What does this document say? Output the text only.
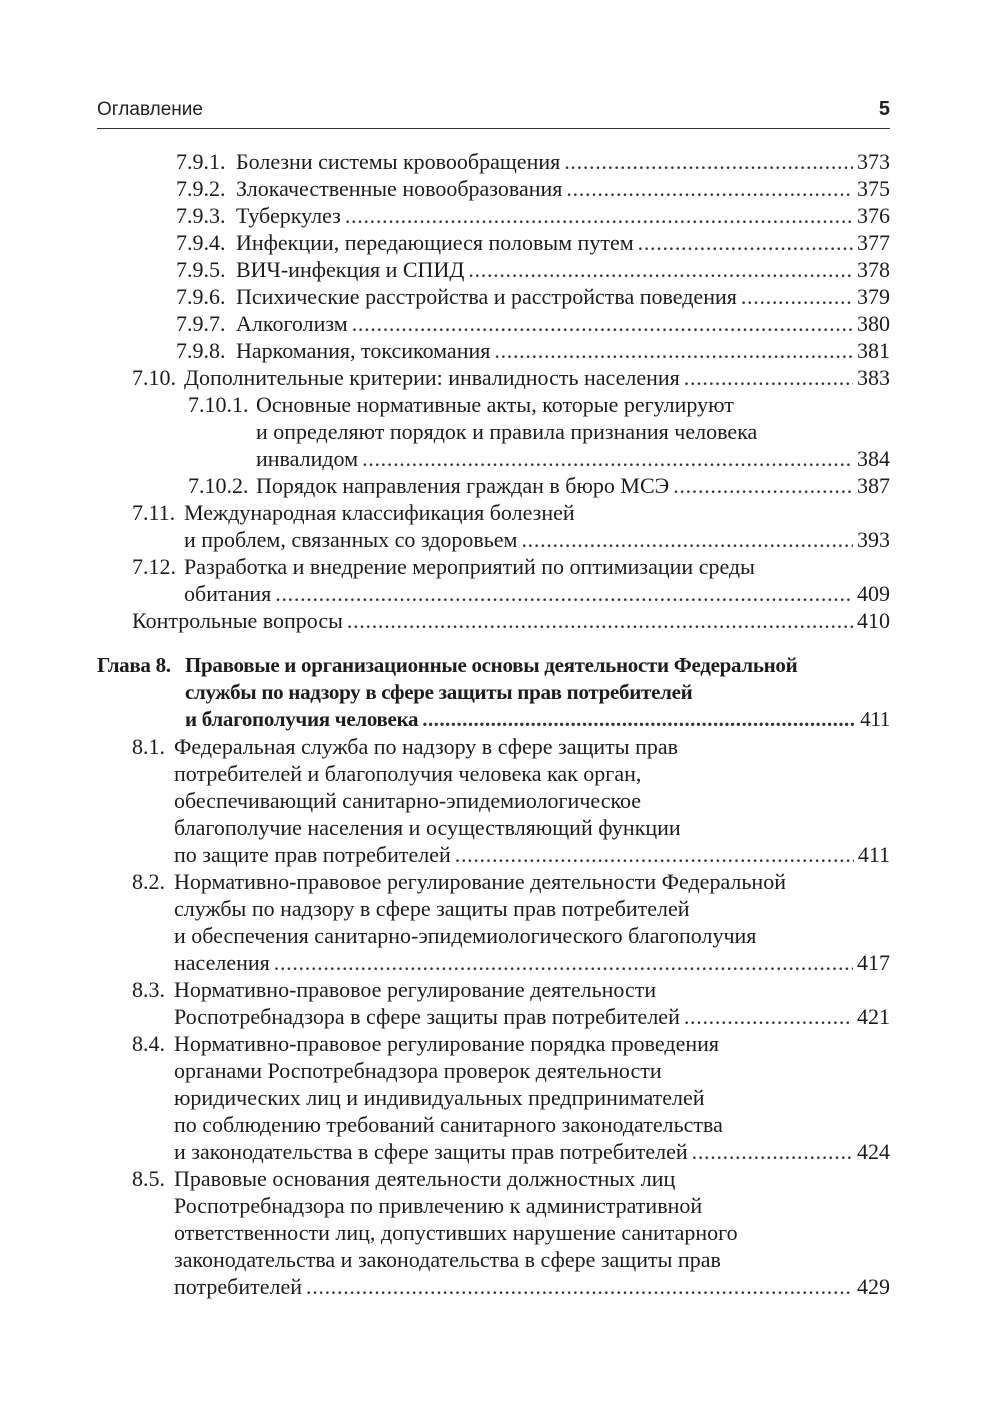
Оглавление	5
7.9.1. Болезни системы кровообращения . . .	373
7.9.2. Злокачественные новообразования . . .	375
7.9.3. Туберкулез . . .	376
7.9.4. Инфекции, передающиеся половым путем . . .	377
7.9.5. ВИЧ-инфекция и СПИД . . .	378
7.9.6. Психические расстройства и расстройства поведения . . .	379
7.9.7. Алкоголизм . . .	380
7.9.8. Наркомания, токсикомания . . .	381
7.10. Дополнительные критерии: инвалидность населения . . .	383
7.10.1. Основные нормативные акты, которые регулируют
и определяют порядок и правила признания человека
инвалидом . . .	384
7.10.2. Порядок направления граждан в бюро МСЭ . . .	387
7.11. Международная классификация болезней
и проблем, связанных со здоровьем . . .	393
7.12. Разработка и внедрение мероприятий по оптимизации среды
обитания . . .	409
Контрольные вопросы . . .	410
Глава 8. Правовые и организационные основы деятельности Федеральной
службы по надзору в сфере защиты прав потребителей
и благополучия человека . . .	411
8.1. Федеральная служба по надзору в сфере защиты прав
потребителей и благополучия человека как орган,
обеспечивающий санитарно-эпидемиологическое
благополучие населения и осуществляющий функции
по защите прав потребителей . . .	411
8.2. Нормативно-правовое регулирование деятельности Федеральной
службы по надзору в сфере защиты прав потребителей
и обеспечения санитарно-эпидемиологического благополучия
населения . . .	417
8.3. Нормативно-правовое регулирование деятельности
Роспотребнадзора в сфере защиты прав потребителей . . .	421
8.4. Нормативно-правовое регулирование порядка проведения
органами Роспотребнадзора проверок деятельности
юридических лиц и индивидуальных предпринимателей
по соблюдению требований санитарного законодательства
и законодательства в сфере защиты прав потребителей . . .	424
8.5. Правовые основания деятельности должностных лиц
Роспотребнадзора по привлечению к административной
ответственности лиц, допустивших нарушение санитарного
законодательства и законодательства в сфере защиты прав
потребителей . . .	429
